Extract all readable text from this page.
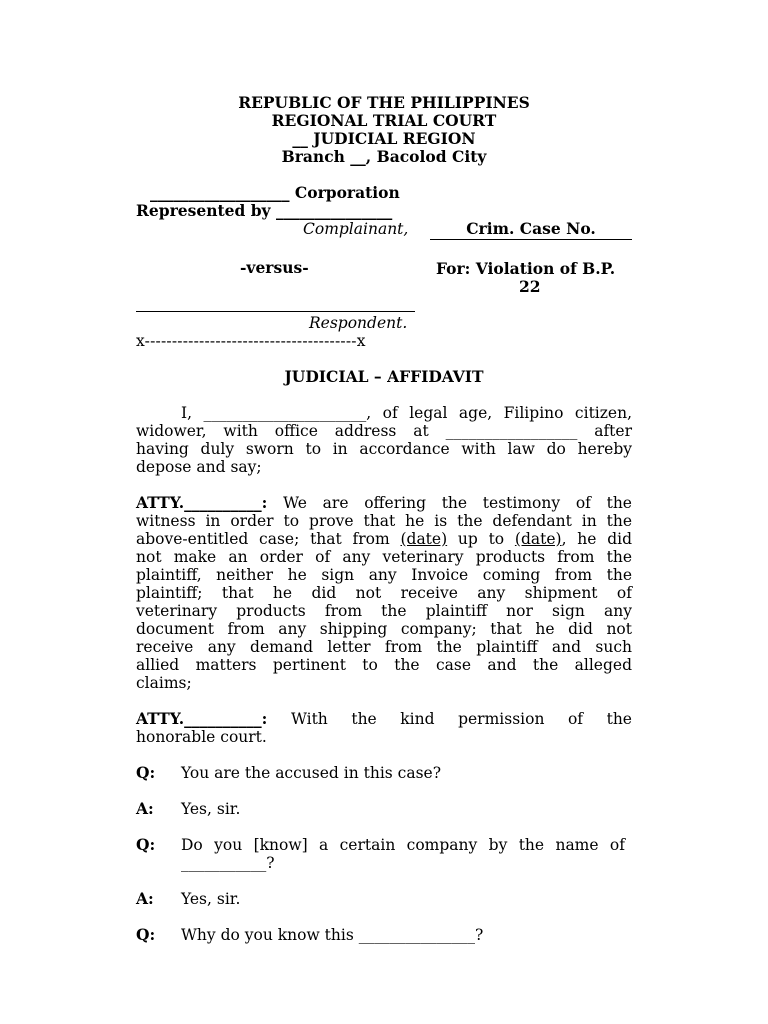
REPUBLIC OF THE PHILIPPINES
REGIONAL TRIAL COURT
__ JUDICIAL REGION
Branch __, Bacolod City
__________________ Corporation
Represented by _______________
Complainant,	Crim. Case No.
-versus-	For: Violation of B.P.
22
Respondent.
x---------------------------------------x
JUDICIAL – AFFIDAVIT
I, _____________________, of legal age, Filipino citizen,
widower, with office address at _________________ after
having duly sworn to in accordance with law do hereby
depose and say;
ATTY.__________: We are offering the testimony of the
witness in order to prove that he is the defendant in the
above-entitled case; that from (date) up to (date), he did
not make an order of any veterinary products from the
plaintiff, neither he sign any Invoice coming from the
plaintiff; that he did not receive any shipment of
veterinary products from the plaintiff nor sign any
document from any shipping company; that he did not
receive any demand letter from the plaintiff and such
allied matters pertinent to the case and the alleged
claims;
ATTY.__________: With the kind permission of the
honorable court.
Q: You are the accused in this case?
A: Yes, sir.
Q: Do you [know] a certain company by the name of
___________?
A: Yes, sir.
Q: Why do you know this _______________?
